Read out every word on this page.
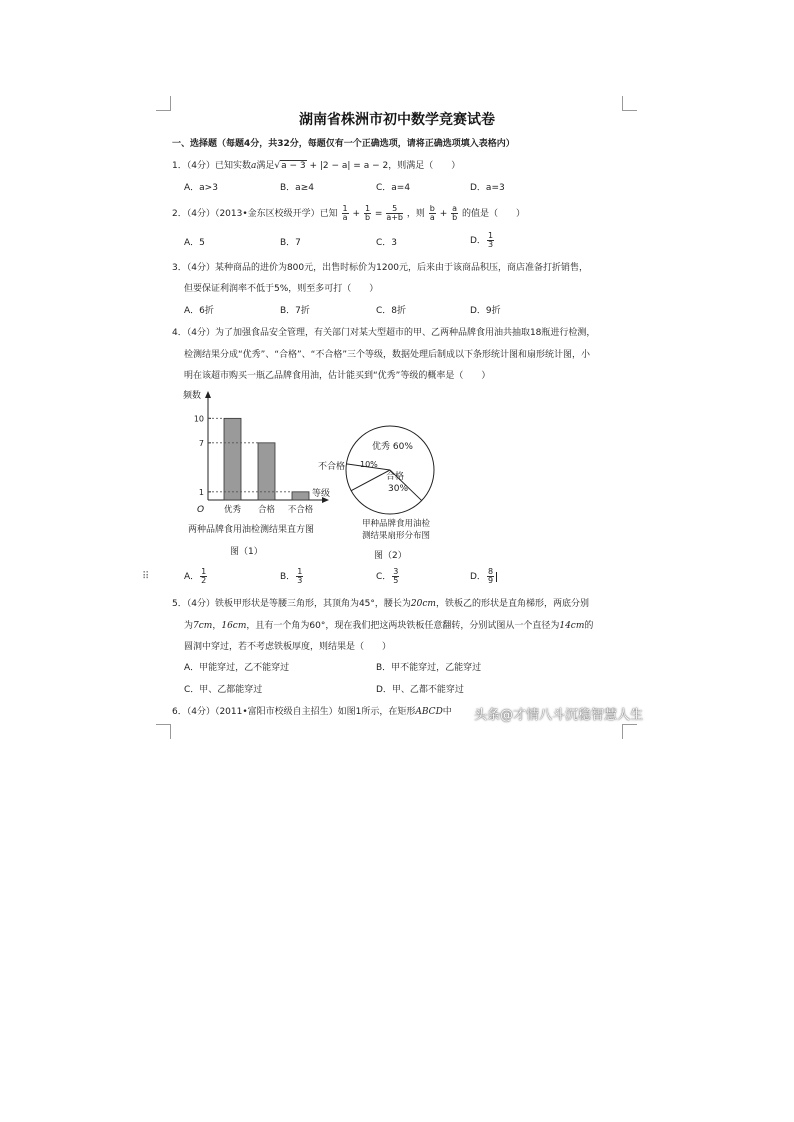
湖南省株洲市初中数学竞赛试卷
一、选择题（每题4分，共32分，每题仅有一个正确选项，请将正确选项填入表格内）
1．（4分）已知实数a满足√a − 3 + |2 − a| = a − 2，则满足（　　）
A．a>3	B．a≥4	C．a=4	D．a=3
2．（4分）（2013•金东区校级开学）已知 $\frac{1}{a} + \frac{1}{b} = \frac{5}{a+b}$ ，则 $\frac{b}{a} + \frac{a}{b}$ 的值是（　　）
A．5	B．7	C．3	D． $\frac{1}{3}$
3．（4分）某种商品的进价为800元，出售时标价为1200元，后来由于该商品积压，商店准备打折销售，
但要保证利润率不低于5%，则至多可打（　　）
A．6折	B．7折	C．8折	D．9折
4．（4分）为了加强食品安全管理，有关部门对某大型超市的甲、乙两种品牌食用油共抽取18瓶进行检测，
检测结果分成“优秀”、“合格”、“不合格”三个等级，数据处理后制成以下条形统计图和扇形统计图，小
明在该超市购买一瓶乙品牌食用油，估计能买到“优秀”等级的概率是（　　）
频数
等级
O
1
7
10
优秀 合格 不合格
两种品牌食用油检测结果直方图
图（1）
优秀 60%
合格
30%
不合格 10%
甲种品牌食用油检
测结果扇形分布图
图（2）
⠿	A． $\frac{1}{2}$	B． $\frac{1}{3}$	C． $\frac{3}{5}$	D． $\frac{8}{9}$
5．（4分）铁板甲形状是等腰三角形，其顶角为45°，腰长为20cm，铁板乙的形状是直角梯形，两底分别
为7cm，16cm，且有一个角为60°，现在我们把这两块铁板任意翻转，分别试图从一个直径为14cm的
圆洞中穿过，若不考虑铁板厚度，则结果是（　　）
A．甲能穿过，乙不能穿过	B．甲不能穿过，乙能穿过
C．甲、乙都能穿过	D．甲、乙都不能穿过
6．（4分）（2011•富阳市校级自主招生）如图1所示，在矩形ABCD中 头条@才情八斗沉稳智慧人生
